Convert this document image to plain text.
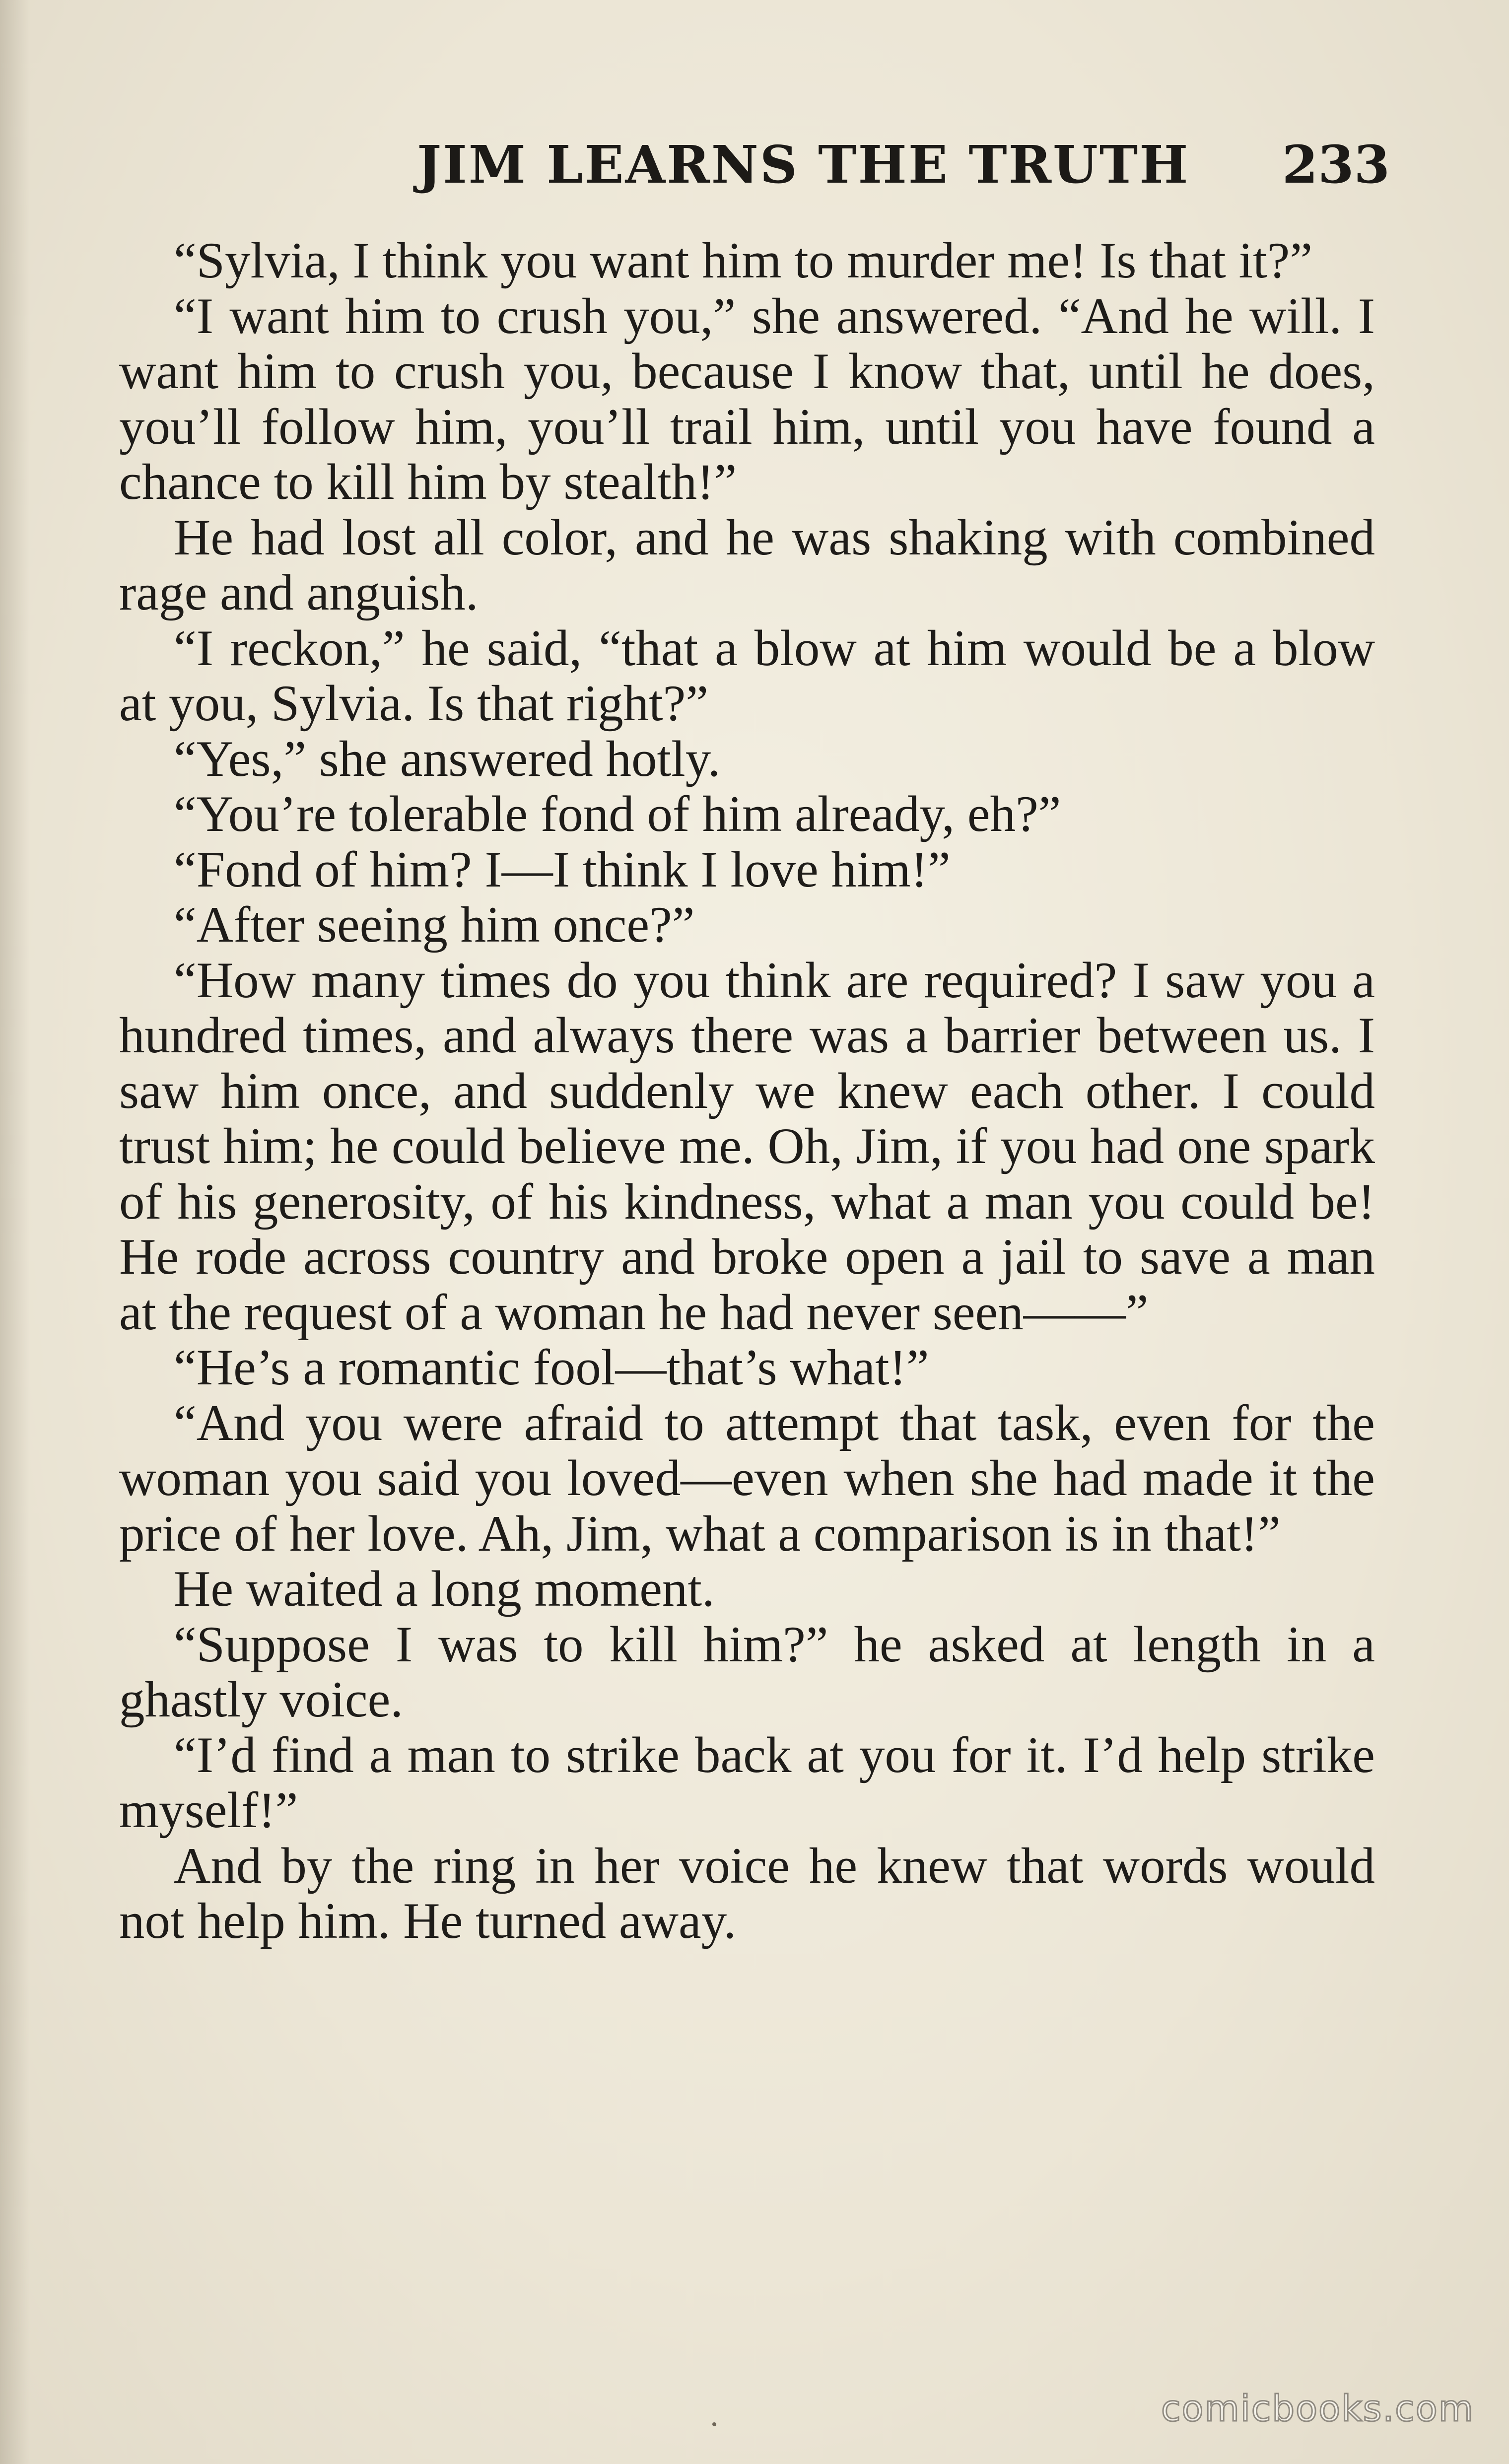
JIM LEARNS THE TRUTH 233

“Sylvia, I think you want him to murder me! Is that it?”

“I want him to crush you,” she answered. “And he will. I want him to crush you, because I know that, until he does, you’ll follow him, you’ll trail him, until you have found a chance to kill him by stealth!”

He had lost all color, and he was shaking with combined rage and anguish.

“I reckon,” he said, “that a blow at him would be a blow at you, Sylvia. Is that right?”

“Yes,” she answered hotly.

“You’re tolerable fond of him already, eh?”

“Fond of him? I—I think I love him!”

“After seeing him once?”

“How many times do you think are required? I saw you a hundred times, and always there was a barrier between us. I saw him once, and suddenly we knew each other. I could trust him; he could believe me. Oh, Jim, if you had one spark of his generosity, of his kindness, what a man you could be! He rode across country and broke open a jail to save a man at the request of a woman he had never seen——”

“He’s a romantic fool—that’s what!”

“And you were afraid to attempt that task, even for the woman you said you loved—even when she had made it the price of her love. Ah, Jim, what a comparison is in that!”

He waited a long moment.

“Suppose I was to kill him?” he asked at length in a ghastly voice.

“I’d find a man to strike back at you for it. I’d help strike myself!”

And by the ring in her voice he knew that words would not help him. He turned away.

comicbooks.com
